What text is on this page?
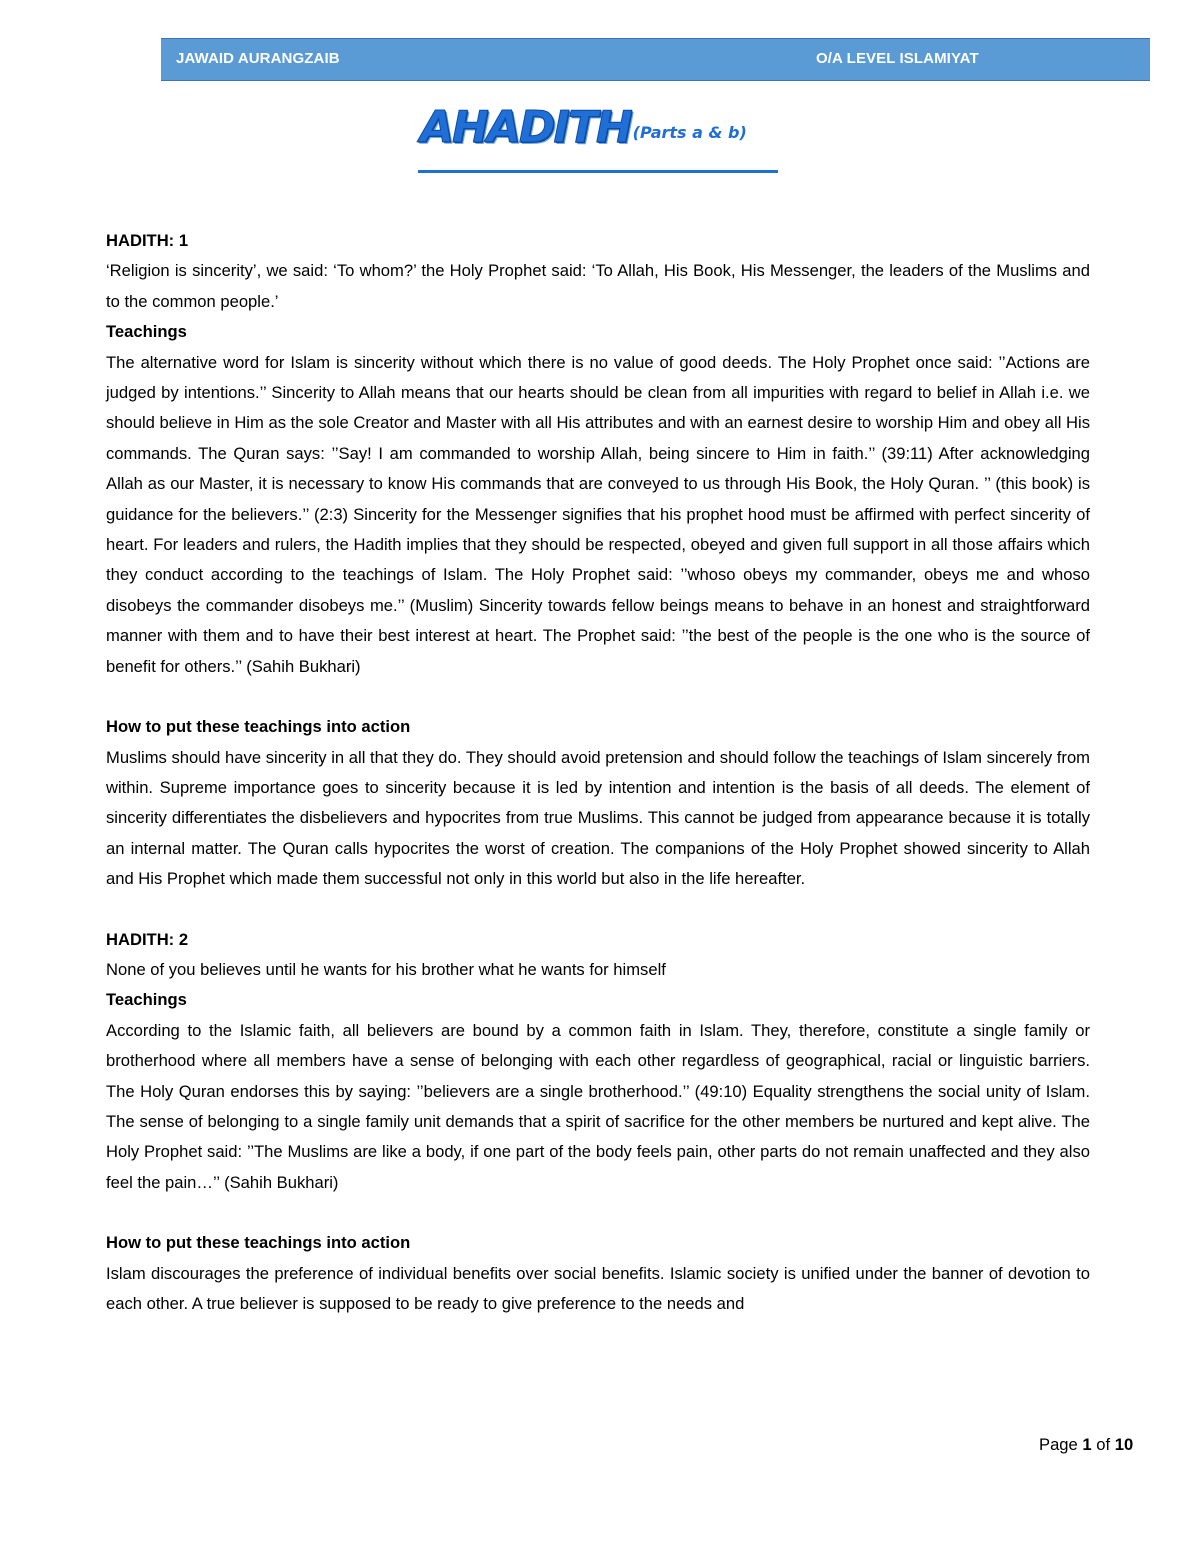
JAWAID AURANGZAIB	O/A LEVEL ISLAMIYAT
AHADITH (Parts a & b)

HADITH: 1

‘Religion is sincerity’, we said: ‘To whom?’ the Holy Prophet said: ‘To Allah, His Book, His Messenger, the leaders of the Muslims and to the common people.’

Teachings

The alternative word for Islam is sincerity without which there is no value of good deeds. The Holy Prophet once said: ’’Actions are judged by intentions.’’ Sincerity to Allah means that our hearts should be clean from all impurities with regard to belief in Allah i.e. we should believe in Him as the sole Creator and Master with all His attributes and with an earnest desire to worship Him and obey all His commands. The Quran says: ’’Say! I am commanded to worship Allah, being sincere to Him in faith.’’ (39:11) After acknowledging Allah as our Master, it is necessary to know His commands that are conveyed to us through His Book, the Holy Quran. ’’ (this book) is guidance for the believers.’’ (2:3) Sincerity for the Messenger signifies that his prophet hood must be affirmed with perfect sincerity of heart. For leaders and rulers, the Hadith implies that they should be respected, obeyed and given full support in all those affairs which they conduct according to the teachings of Islam. The Holy Prophet said: ’’whoso obeys my commander, obeys me and whoso disobeys the commander disobeys me.’’ (Muslim) Sincerity towards fellow beings means to behave in an honest and straightforward manner with them and to have their best interest at heart. The Prophet said: ’’the best of the people is the one who is the source of benefit for others.’’ (Sahih Bukhari)

How to put these teachings into action

Muslims should have sincerity in all that they do. They should avoid pretension and should follow the teachings of Islam sincerely from within. Supreme importance goes to sincerity because it is led by intention and intention is the basis of all deeds. The element of sincerity differentiates the disbelievers and hypocrites from true Muslims. This cannot be judged from appearance because it is totally an internal matter. The Quran calls hypocrites the worst of creation. The companions of the Holy Prophet showed sincerity to Allah and His Prophet which made them successful not only in this world but also in the life hereafter.

HADITH: 2

None of you believes until he wants for his brother what he wants for himself

Teachings

According to the Islamic faith, all believers are bound by a common faith in Islam. They, therefore, constitute a single family or brotherhood where all members have a sense of belonging with each other regardless of geographical, racial or linguistic barriers. The Holy Quran endorses this by saying: ’’believers are a single brotherhood.’’ (49:10) Equality strengthens the social unity of Islam. The sense of belonging to a single family unit demands that a spirit of sacrifice for the other members be nurtured and kept alive. The Holy Prophet said: ’’The Muslims are like a body, if one part of the body feels pain, other parts do not remain unaffected and they also feel the pain…’’ (Sahih Bukhari)

How to put these teachings into action

Islam discourages the preference of individual benefits over social benefits. Islamic society is unified under the banner of devotion to each other. A true believer is supposed to be ready to give preference to the needs and

Page 1 of 10
